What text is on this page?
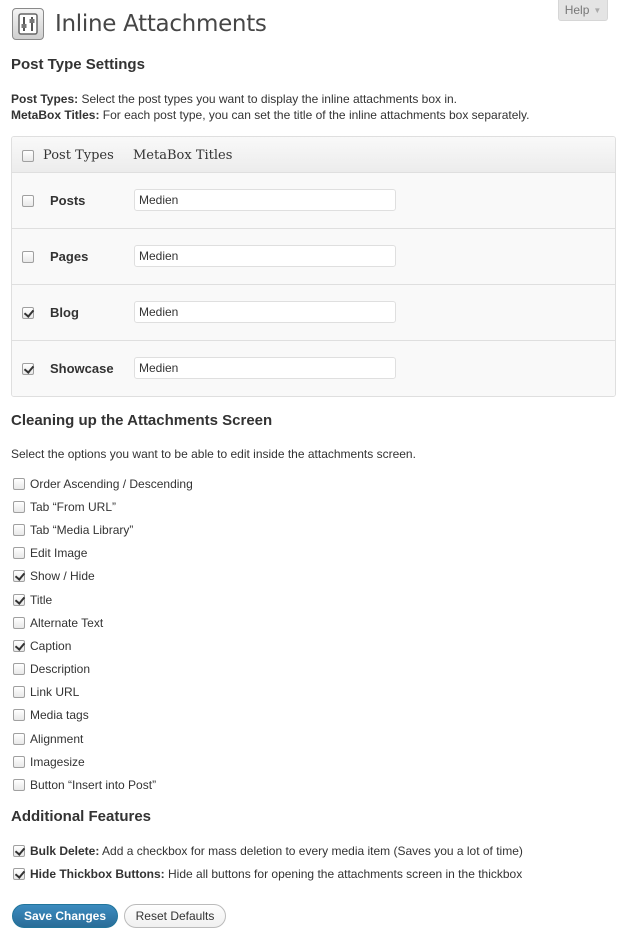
Inline Attachments
Help ▼
Post Type Settings

Post Types: Select the post types you want to display the inline attachments box in.

MetaBox Titles: For each post type, you can set the title of the inline attachments box separately.

Post Types MetaBox Titles
Posts
Medien
Pages
Medien
Blog
Medien
Showcase
Medien
Cleaning up the Attachments Screen

Select the options you want to be able to edit inside the attachments screen.

Order Ascending / Descending
Tab “From URL”
Tab “Media Library”
Edit Image
Show / Hide
Title
Alternate Text
Caption
Description
Link URL
Media tags
Alignment
Imagesize
Button “Insert into Post”
Additional Features
Bulk Delete: Add a checkbox for mass deletion to every media item (Saves you a lot of time)
Hide Thickbox Buttons: Hide all buttons for opening the attachments screen in the thickbox
Save Changes	Reset Defaults
